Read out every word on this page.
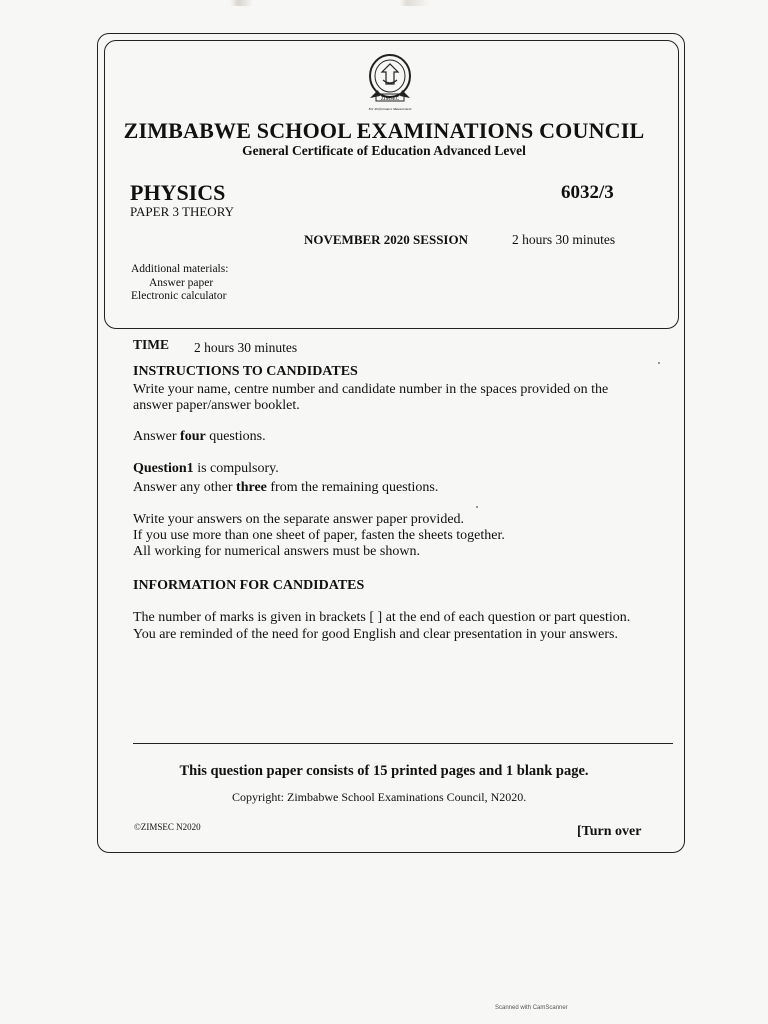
ZIMSEC
For Performance Measurement
ZIMBABWE SCHOOL EXAMINATIONS COUNCIL
General Certificate of Education Advanced Level
PHYSICS	6032/3
PAPER 3 THEORY
NOVEMBER 2020 SESSION	2 hours 30 minutes
Additional materials:
Answer paper
Electronic calculator
TIME 2 hours 30 minutes
INSTRUCTIONS TO CANDIDATES
Write your name, centre number and candidate number in the spaces provided on the
answer paper/answer booklet.
Answer four questions.
Question1 is compulsory.
Answer any other three from the remaining questions.
Write your answers on the separate answer paper provided.
If you use more than one sheet of paper, fasten the sheets together.
All working for numerical answers must be shown.
INFORMATION FOR CANDIDATES
The number of marks is given in brackets [ ] at the end of each question or part question.
You are reminded of the need for good English and clear presentation in your answers.
This question paper consists of 15 printed pages and 1 blank page.
Copyright: Zimbabwe School Examinations Council, N2020.
©ZIMSEC N2020	[Turn over
Scanned with CamScanner
